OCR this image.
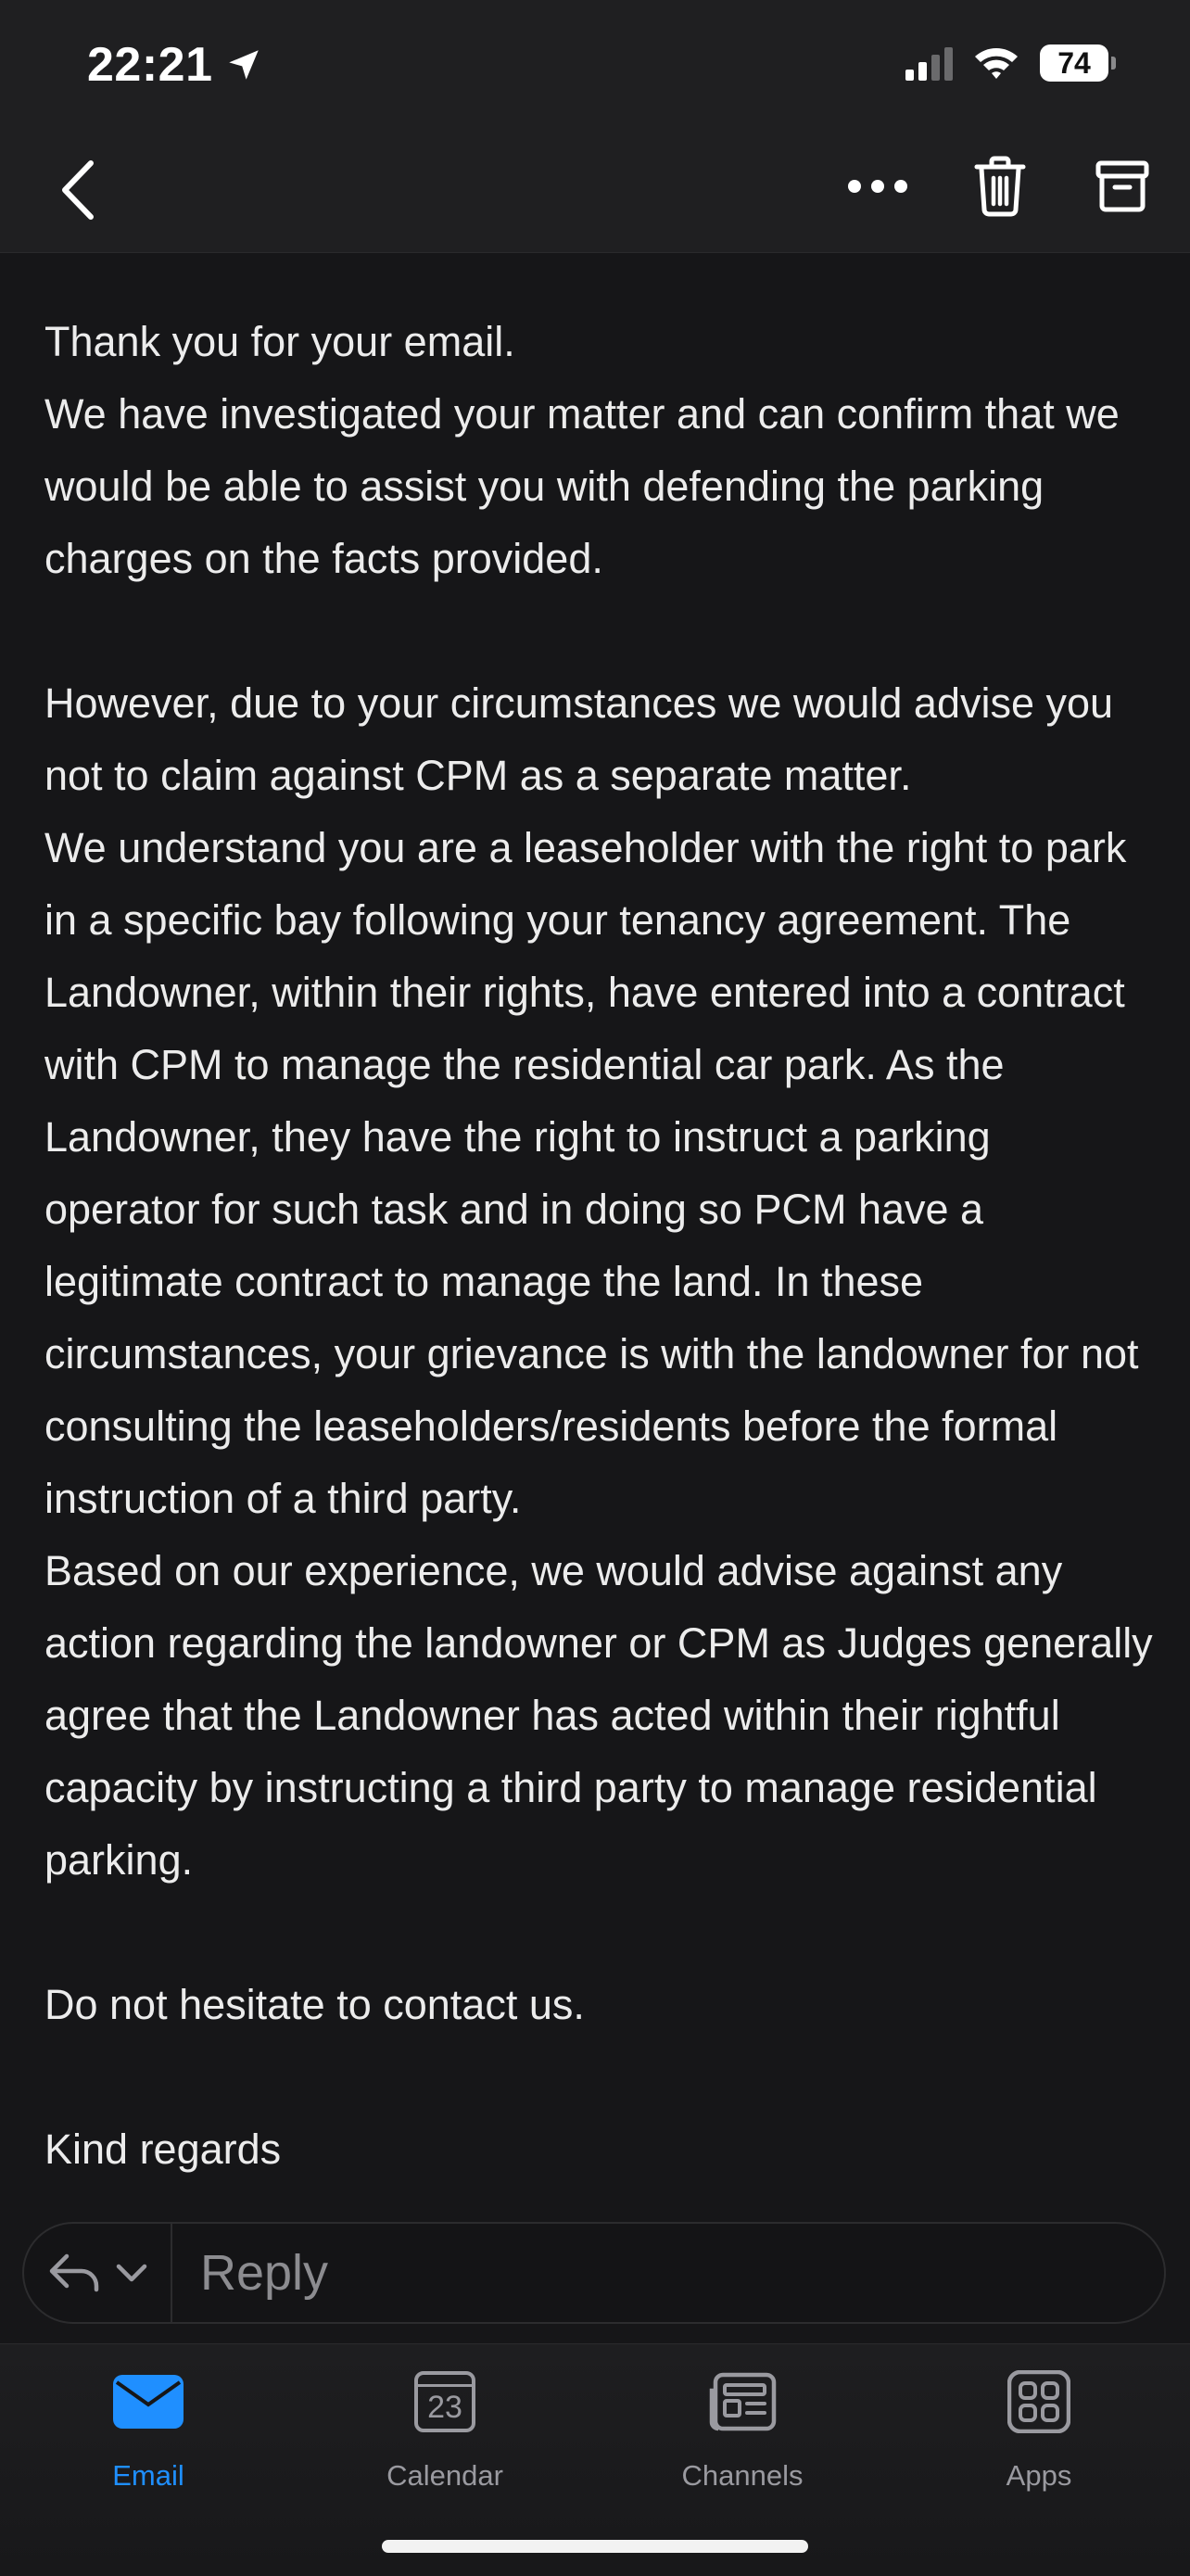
22:21	74

Thank you for your email.

We have investigated your matter and can confirm that we would be able to assist you with defending the parking charges on the facts provided.

However, due to your circumstances we would advise you not to claim against CPM as a separate matter.

We understand you are a leaseholder with the right to park in a specific bay following your tenancy agreement. The Landowner, within their rights, have entered into a contract with CPM to manage the residential car park. As the Landowner, they have the right to instruct a parking operator for such task and in doing so PCM have a legitimate contract to manage the land. In these circumstances, your grievance is with the landowner for not consulting the leaseholders/residents before the formal instruction of a third party.

Based on our experience, we would advise against any action regarding the landowner or CPM as Judges generally agree that the Landowner has acted within their rightful capacity by instructing a third party to manage residential parking.

Do not hesitate to contact us.

Kind regards

Reply
Email
23
Calendar	Channels	Apps
